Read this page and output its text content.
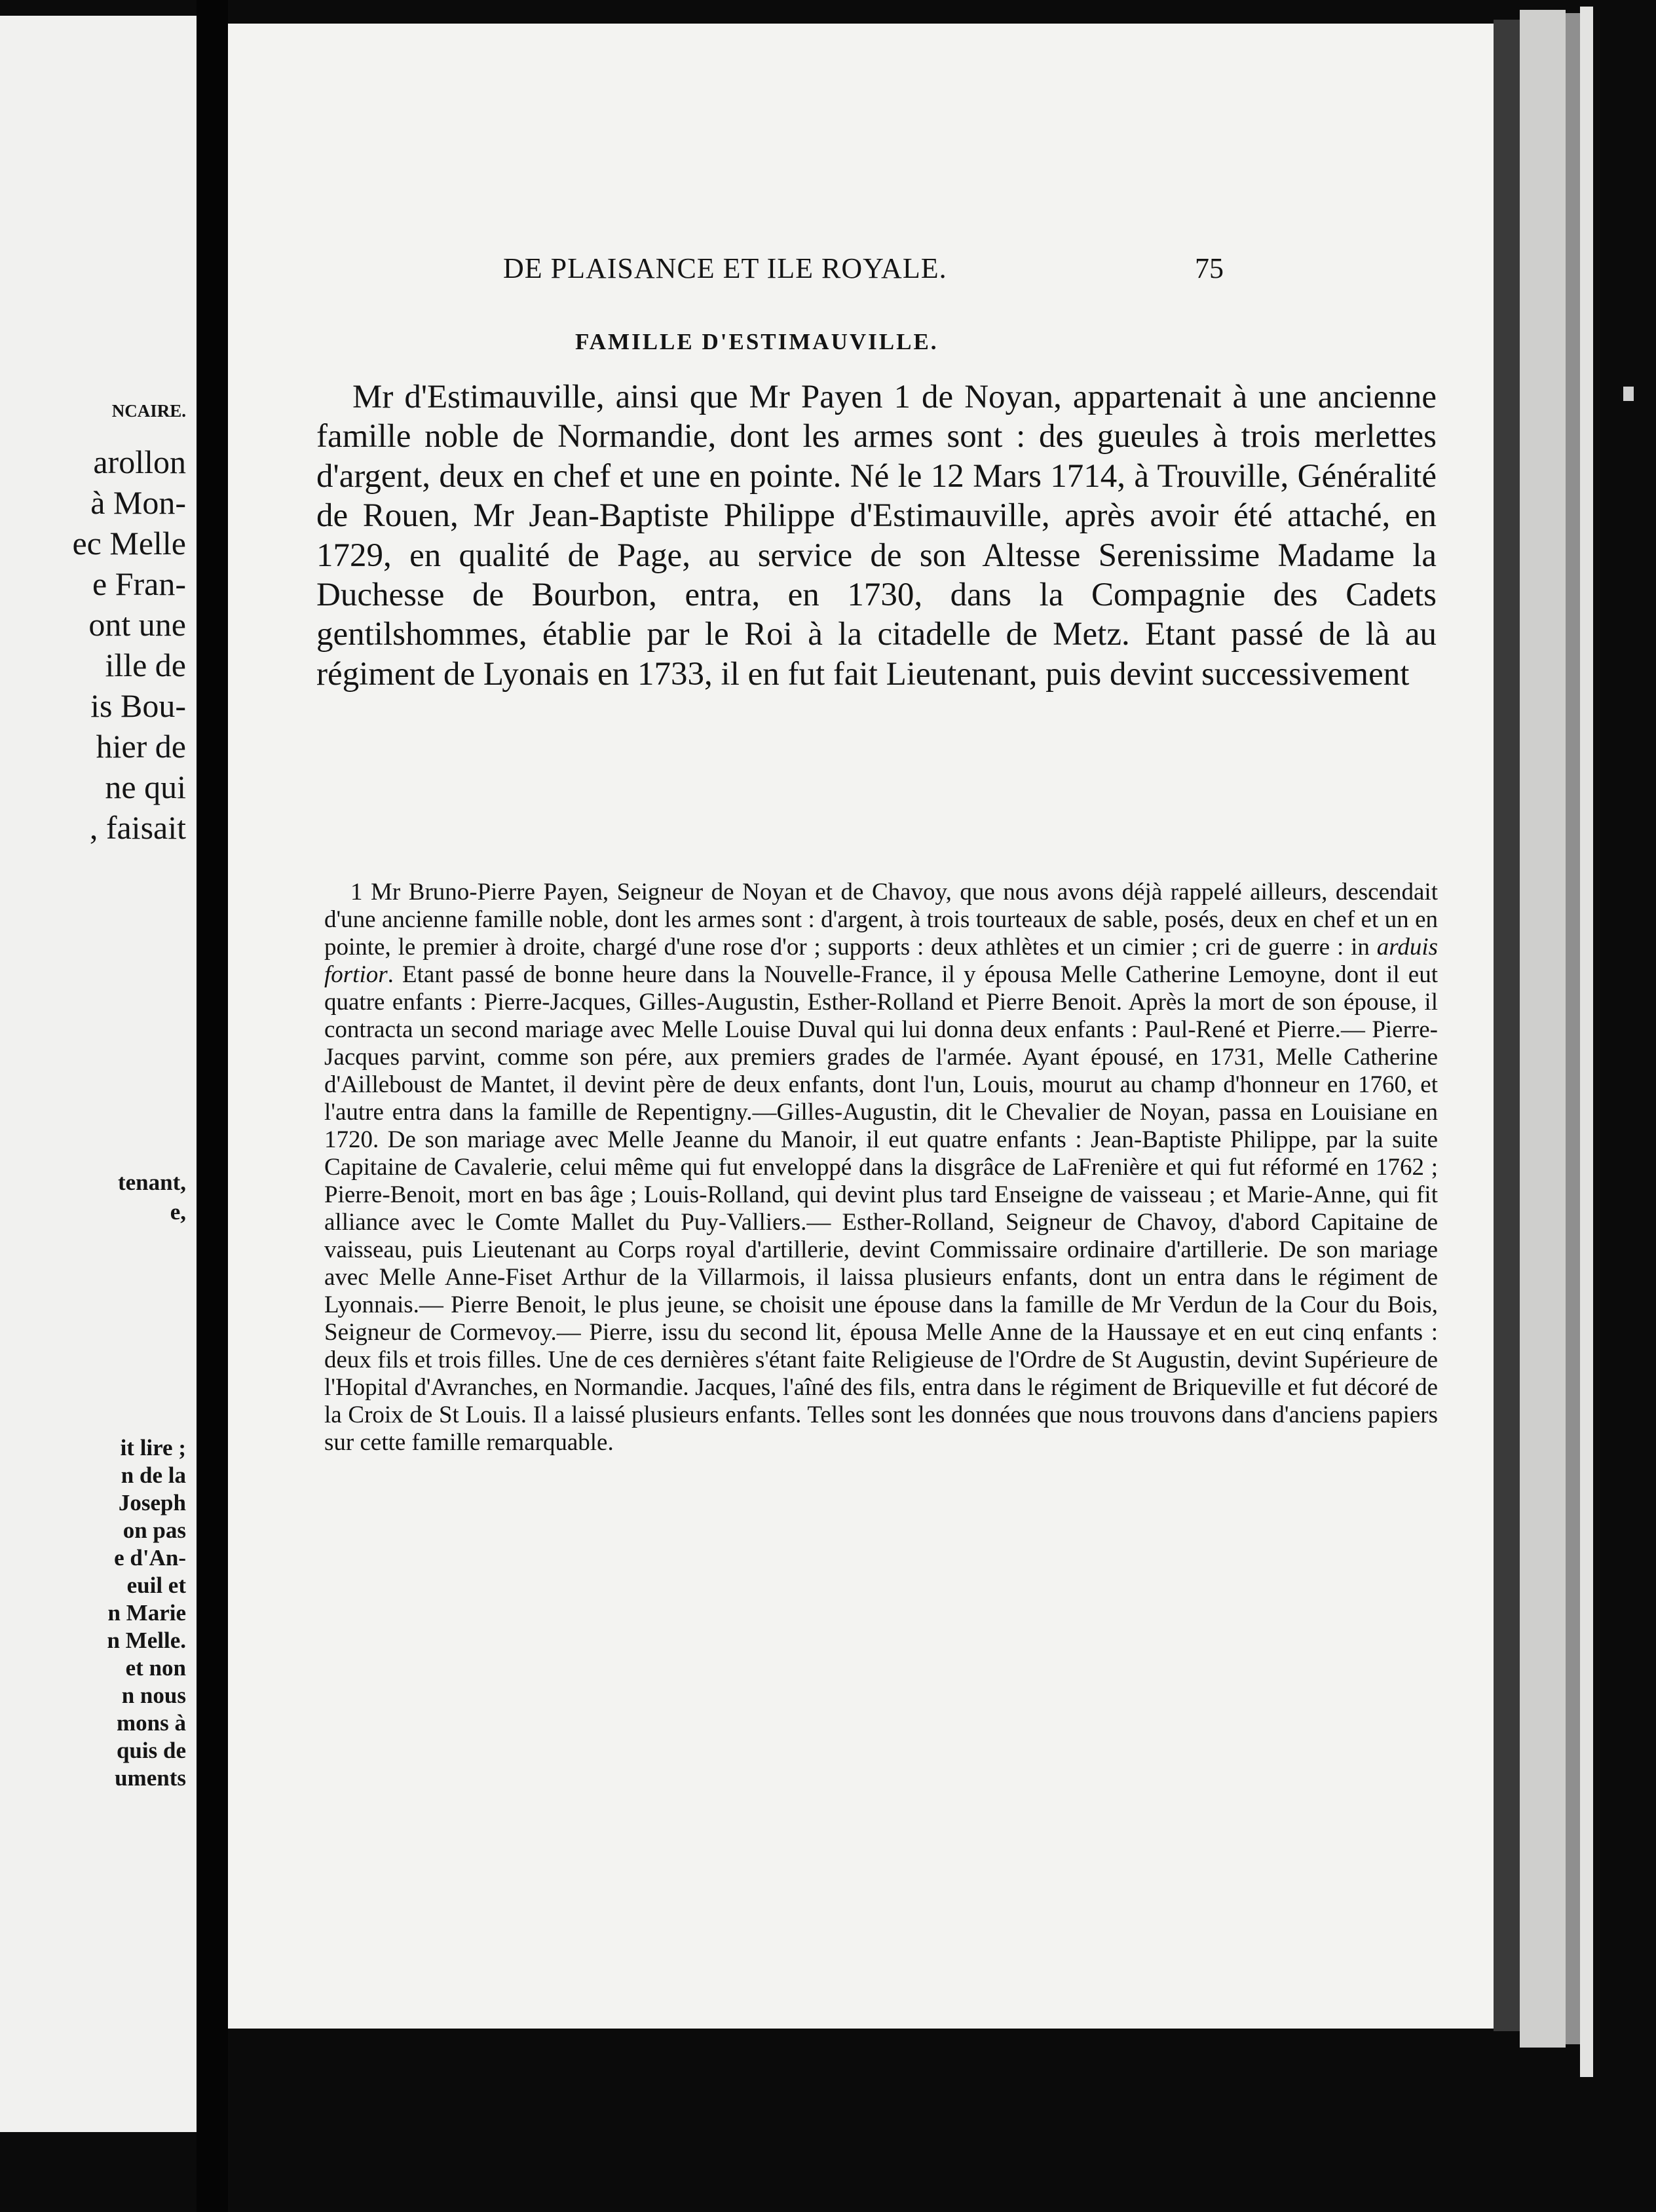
NCAIRE.
arollon
à Mon-
ec Melle
e Fran-
ont une
ille de
is Bou-
hier de
ne qui
, faisait
tenant,
e,
it lire ;
n de la
Joseph
on pas
e d'An-
euil et
n Marie
n Melle.
et non
n nous
mons à
quis de
uments
DE PLAISANCE ET ILE ROYALE.	75
FAMILLE D'ESTIMAUVILLE.

Mr d'Estimauville, ainsi que Mr Payen 1 de Noyan, appartenait à une ancienne famille noble de Normandie, dont les armes sont : des gueules à trois merlettes d'argent, deux en chef et une en pointe. Né le 12 Mars 1714, à Trouville, Généralité de Rouen, Mr Jean-Baptiste Philippe d'Estimauville, après avoir été attaché, en 1729, en qualité de Page, au service de son Altesse Serenissime Madame la Duchesse de Bourbon, entra, en 1730, dans la Compagnie des Cadets gentilshommes, établie par le Roi à la citadelle de Metz. Etant passé de là au régiment de Lyonais en 1733, il en fut fait Lieutenant, puis devint successivement

1 Mr Bruno-Pierre Payen, Seigneur de Noyan et de Chavoy, que nous avons déjà rappelé ailleurs, descendait d'une ancienne famille noble, dont les armes sont : d'argent, à trois tourteaux de sable, posés, deux en chef et un en pointe, le premier à droite, chargé d'une rose d'or ; supports : deux athlètes et un cimier ; cri de guerre : in arduis fortior. Etant passé de bonne heure dans la Nouvelle-France, il y épousa Melle Catherine Lemoyne, dont il eut quatre enfants : Pierre-Jacques, Gilles-Augustin, Esther-Rolland et Pierre Benoit. Après la mort de son épouse, il contracta un second mariage avec Melle Louise Duval qui lui donna deux enfants : Paul-René et Pierre.— Pierre-Jacques parvint, comme son pére, aux premiers grades de l'armée. Ayant épousé, en 1731, Melle Catherine d'Ailleboust de Mantet, il devint père de deux enfants, dont l'un, Louis, mourut au champ d'honneur en 1760, et l'autre entra dans la famille de Repentigny.—Gilles-Augustin, dit le Chevalier de Noyan, passa en Louisiane en 1720. De son mariage avec Melle Jeanne du Manoir, il eut quatre enfants : Jean-Baptiste Philippe, par la suite Capitaine de Cavalerie, celui même qui fut enveloppé dans la disgrâce de LaFrenière et qui fut réformé en 1762 ; Pierre-Benoit, mort en bas âge ; Louis-Rolland, qui devint plus tard Enseigne de vaisseau ; et Marie-Anne, qui fit alliance avec le Comte Mallet du Puy-Valliers.— Esther-Rolland, Seigneur de Chavoy, d'abord Capitaine de vaisseau, puis Lieutenant au Corps royal d'artillerie, devint Commissaire ordinaire d'artillerie. De son mariage avec Melle Anne-Fiset Arthur de la Villarmois, il laissa plusieurs enfants, dont un entra dans le régiment de Lyonnais.— Pierre Benoit, le plus jeune, se choisit une épouse dans la famille de Mr Verdun de la Cour du Bois, Seigneur de Cormevoy.— Pierre, issu du second lit, épousa Melle Anne de la Haussaye et en eut cinq enfants : deux fils et trois filles. Une de ces dernières s'étant faite Religieuse de l'Ordre de St Augustin, devint Supérieure de l'Hopital d'Avranches, en Normandie. Jacques, l'aîné des fils, entra dans le régiment de Briqueville et fut décoré de la Croix de St Louis. Il a laissé plusieurs enfants. Telles sont les données que nous trouvons dans d'anciens papiers sur cette famille remarquable.
